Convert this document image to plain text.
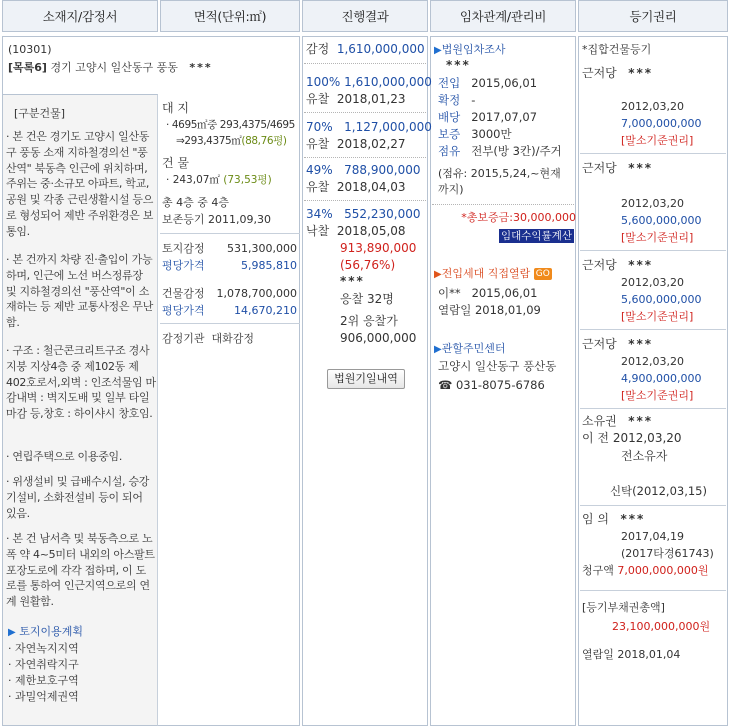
소재지/감정서	면적(단위:㎡)	진행결과	임차관계/관리비	등기권리
(10301)
[목록6] 경기 고양시 일산동구 풍동 ***
[구분건물]
· 본 건은 경기도 고양시 일산동구 풍동 소재 지하철경의선 "풍산역" 북동측 인근에 위치하며, 주위는 중·소규모 아파트, 학교, 공원 및 각종 근린생활시설 등으로 형성되어 제반 주위환경은 보통임.
· 본 건까지 차량 진·출입이 가능하며, 인근에 노선 버스정류장 및 지하철경의선 "풍산역"이 소재하는 등 제반 교통사정은 무난함.
· 구조 : 철근콘크리트구조 경사지붕 지상4층 중 제102동 제402호로서,외벽 : 인조석물임 마감내벽 : 벽지도배 및 일부 타일마감 등,창호 : 하이샤시 창호임.
· 연립주택으로 이용중임.
· 위생설비 및 급배수시설, 승강기설비, 소화전설비 등이 되어 있음.
· 본 건 남서측 및 북동측으로 노폭 약 4~5미터 내외의 아스팔트포장도로에 각각 접하며, 이 도로를 통하여 인근지역으로의 연계 원활함.
▶ 토지이용계획
· 자연녹지지역
· 자연취락지구
· 제한보호구역
· 과밀억제권역
대 지
· 4695㎡중 293,4375/4695
⇒293,4375㎡(88,76평)
건 물
· 243,07㎡ (73,53평)
총 4층 중 4층
보존등기 2011,09,30
토지감정 531,300,000
평당가격	5,985,810
건물감정 1,078,700,000
평당가격	14,670,210
감정기관 대화감정
감정 1,610,000,000
100% 1,610,000,000
유찰 2018,01,23
70% 1,127,000,000
유찰 2018,02,27
49% 788,900,000
유찰 2018,04,03
34% 552,230,000
낙찰 2018,05,08
913,890,000
(56,76%)
***
응찰 32명
2위 응찰가
906,000,000
법원기일내역
▶법원임차조사
***
전입 2015,06,01
확정 -
배당 2017,07,07
보증 3000만
점유 전부(방 3칸)/주거
(점유: 2015,5,24,~현재까지)
*총보증금:30,000,000
임대수익률계산
▶전입세대 직접열람 GO
이** 2015,06,01
열람일 2018,01,09
▶관할주민센터
고양시 일산동구 풍산동
☎ 031-8075-6786
*집합건물등기
근저당 ***
2012,03,20
7,000,000,000
[말소기준권리]
근저당 ***
2012,03,20
5,600,000,000
[말소기준권리]
근저당 ***
2012,03,20
5,600,000,000
[말소기준권리]
근저당 ***
2012,03,20
4,900,000,000
[말소기준권리]
소유권 ***
이 전 2012,03,20
전소유자
신탁(2012,03,15)
임 의 ***
2017,04,19
(2017타경61743)
청구액 7,000,000,000원
[등기부채권총액]
23,100,000,000원
열람일 2018,01,04
